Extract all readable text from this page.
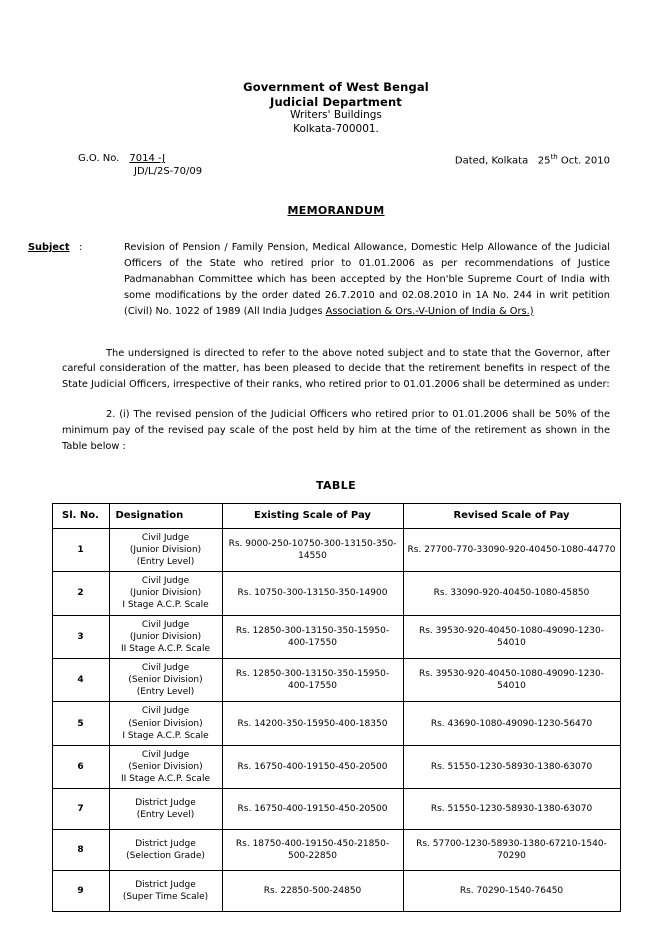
Government of West Bengal
Judicial Department
Writers' Buildings
Kolkata-700001.
G.O. No. 7014 -J
JD/L/2S-70/09
Dated, Kolkata 25th Oct. 2010
MEMORANDUM
Subject :	Revision of Pension / Family Pension, Medical Allowance, Domestic Help Allowance of the Judicial Officers of the State who retired prior to 01.01.2006 as per recommendations of Justice Padmanabhan Committee which has been accepted by the Hon'ble Supreme Court of India with some modifications by the order dated 26.7.2010 and 02.08.2010 in 1A No. 244 in writ petition (Civil) No. 1022 of 1989 (All India Judges Association & Ors.-V-Union of India & Ors.)
The undersigned is directed to refer to the above noted subject and to state that the Governor, after careful consideration of the matter, has been pleased to decide that the retirement benefits in respect of the State Judicial Officers, irrespective of their ranks, who retired prior to 01.01.2006 shall be determined as under:
2. (i) The revised pension of the Judicial Officers who retired prior to 01.01.2006 shall be 50% of the minimum pay of the revised pay scale of the post held by him at the time of the retirement as shown in the Table below :
TABLE
Sl. No.	Designation	Existing Scale of Pay	Revised Scale of Pay
1	Civil Judge
(Junior Division)
(Entry Level)	Rs. 9000-250-10750-300-13150-350-14550	Rs. 27700-770-33090-920-40450-1080-44770
2	Civil Judge
(Junior Division)
I Stage A.C.P. Scale	Rs. 10750-300-13150-350-14900	Rs. 33090-920-40450-1080-45850
3	Civil Judge
(Junior Division)
II Stage A.C.P. Scale	Rs. 12850-300-13150-350-15950-400-17550	Rs. 39530-920-40450-1080-49090-1230-54010
4	Civil Judge
(Senior Division)
(Entry Level)	Rs. 12850-300-13150-350-15950-400-17550	Rs. 39530-920-40450-1080-49090-1230-54010
5	Civil Judge
(Senior Division)
I Stage A.C.P. Scale	Rs. 14200-350-15950-400-18350	Rs. 43690-1080-49090-1230-56470
6	Civil Judge
(Senior Division)
II Stage A.C.P. Scale	Rs. 16750-400-19150-450-20500	Rs. 51550-1230-58930-1380-63070
7	District Judge
(Entry Level)	Rs. 16750-400-19150-450-20500	Rs. 51550-1230-58930-1380-63070
8	District Judge
(Selection Grade)	Rs. 18750-400-19150-450-21850-500-22850	Rs. 57700-1230-58930-1380-67210-1540-70290
9	District Judge
(Super Time Scale)	Rs. 22850-500-24850	Rs. 70290-1540-76450
